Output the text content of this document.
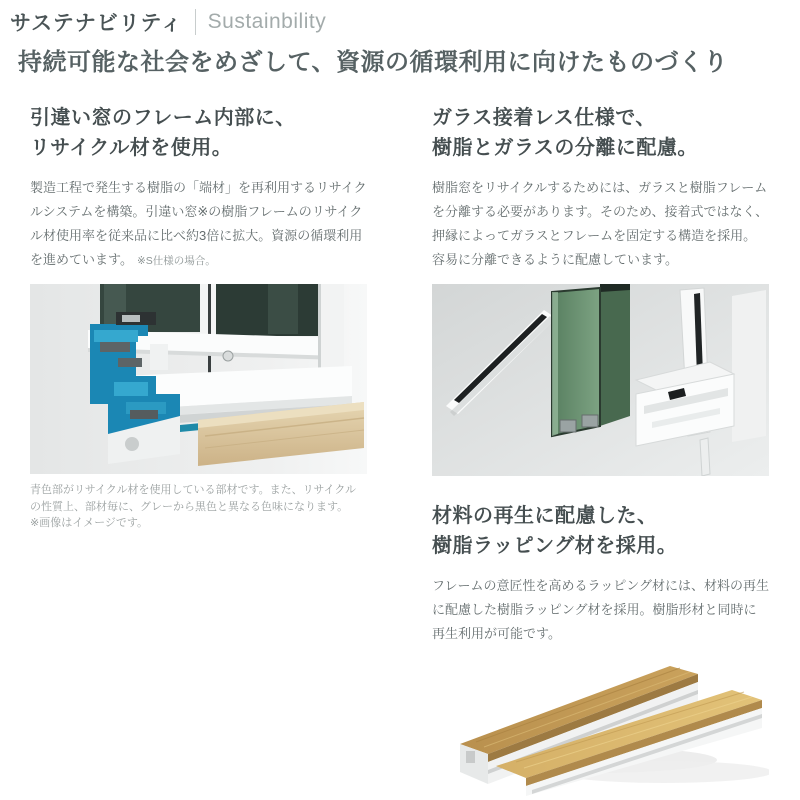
サステナビリティ Sustainbility
持続可能な社会をめざして、資源の循環利用に向けたものづくり
引違い窓のフレーム内部に、
リサイクル材を使用。

製造工程で発生する樹脂の「端材」を再利用するリサイクルシステムを構築。引違い窓※の樹脂フレームのリサイクル材使用率を従来品に比べ約3倍に拡大。資源の循環利用を進めています。 ※S仕様の場合。

青色部がリサイクル材を使用している部材です。また、リサイクルの性質上、部材毎に、グレーから黒色と異なる色味になります。
※画像はイメージです。
ガラス接着レス仕様で、
樹脂とガラスの分離に配慮。

樹脂窓をリサイクルするためには、ガラスと樹脂フレームを分離する必要があります。そのため、接着式ではなく、押縁によってガラスとフレームを固定する構造を採用。容易に分離できるように配慮しています。

材料の再生に配慮した、
樹脂ラッピング材を採用。

フレームの意匠性を高めるラッピング材には、材料の再生に配慮した樹脂ラッピング材を採用。樹脂形材と同時に再生利用が可能です。
